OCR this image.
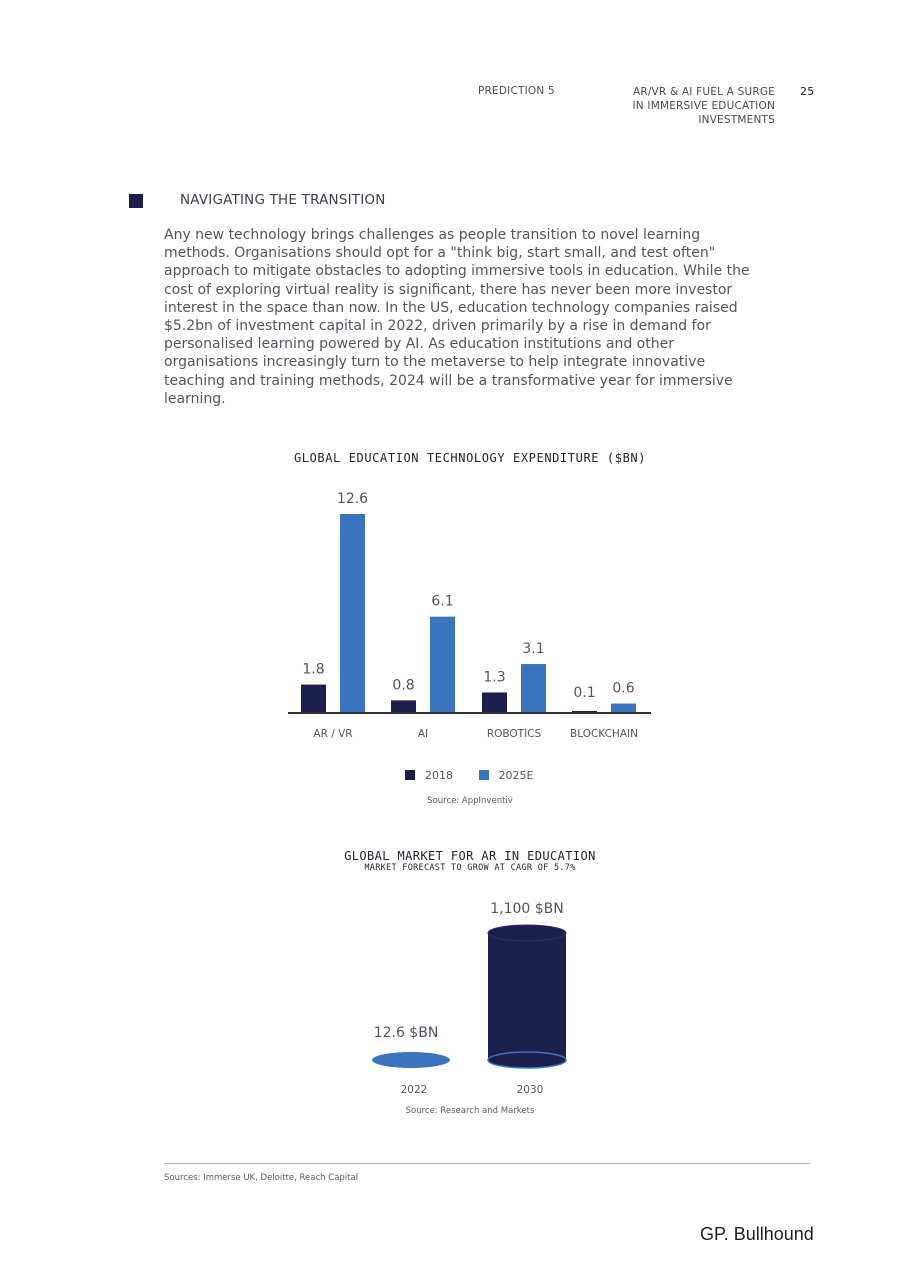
PREDICTION 5	AR/VR & AI FUEL A SURGE
IN IMMERSIVE EDUCATION
INVESTMENTS
25
NAVIGATING THE TRANSITION
Any new technology brings challenges as people transition to novel learning methods. Organisations should opt for a "think big, start small, and test often" approach to mitigate obstacles to adopting immersive tools in education. While the cost of exploring virtual reality is significant, there has never been more investor interest in the space than now. In the US, education technology companies raised $5.2bn of investment capital in 2022, driven primarily by a rise in demand for personalised learning powered by AI. As education institutions and other organisations increasingly turn to the metaverse to help integrate innovative teaching and training methods, 2024 will be a transformative year for immersive learning.
GLOBAL EDUCATION TECHNOLOGY EXPENDITURE ($BN)
1.8
12.6
AR / VR
0.8
6.1
AI
1.3
3.1
ROBOTICS
0.1 0.6
BLOCKCHAIN
2018	2025E
Source: AppInventiv
GLOBAL MARKET FOR AR IN EDUCATION
MARKET FORECAST TO GROW AT CAGR OF 5.7%
12.6 $BN
2022
1,100 $BN
2030
Source: Research and Markets
Sources: Immerse UK, Deloitte, Reach Capital
GP. Bullhound
